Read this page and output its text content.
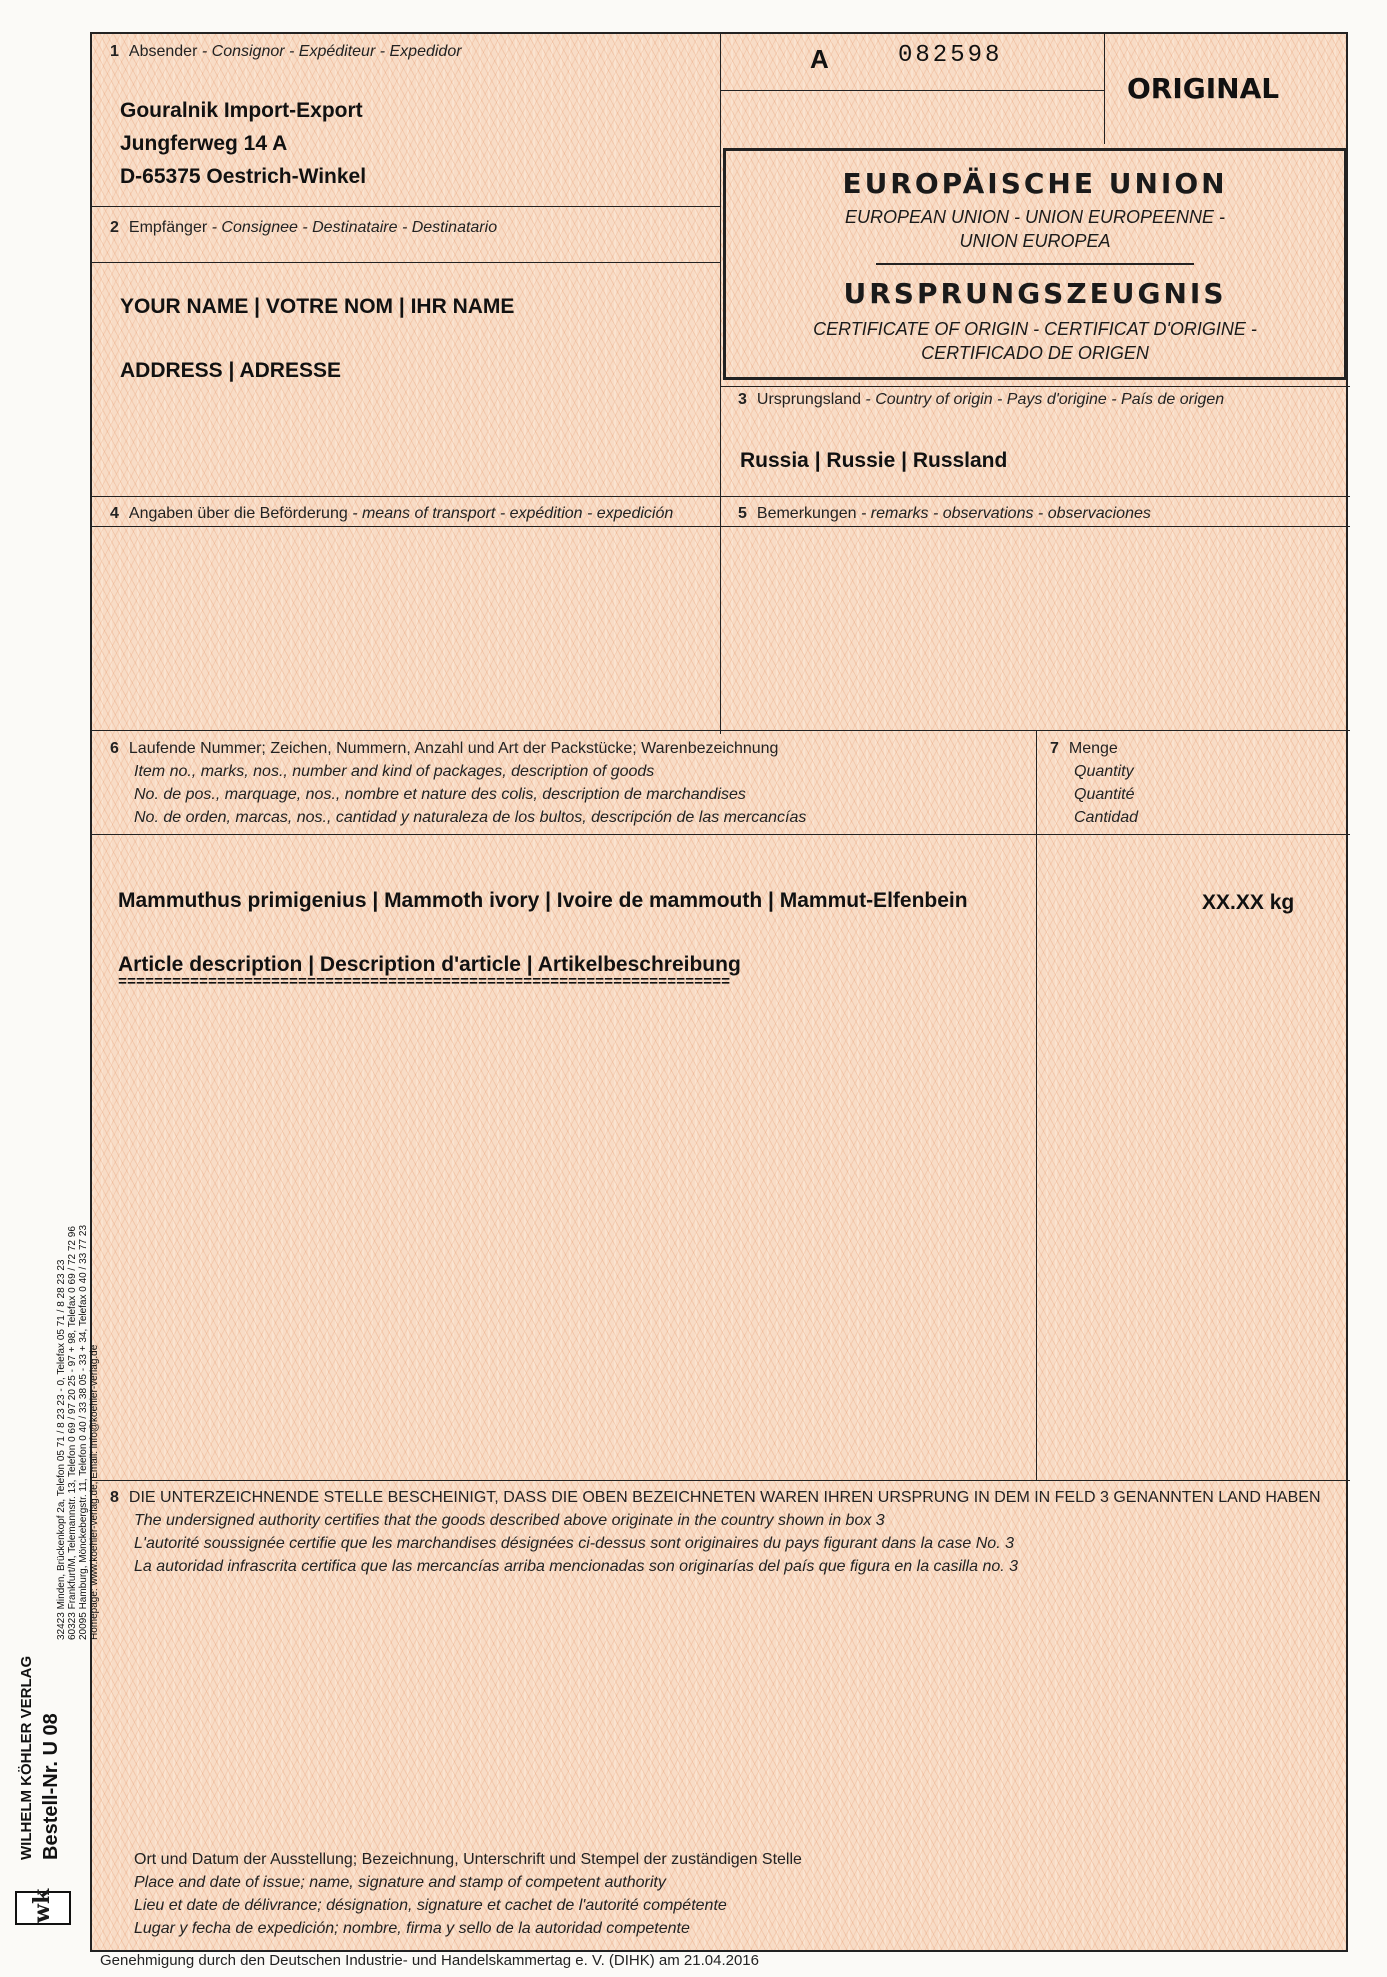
EUROPÄISCHE UNION
EUROPEAN UNION - UNION EUROPEENNE -
UNION EUROPEA
URSPRUNGSZEUGNIS
CERTIFICATE OF ORIGIN - CERTIFICAT D'ORIGINE -
CERTIFICADO DE ORIGEN
A	082598
ORIGINAL
1 Absender - Consignor - Expéditeur - Expedidor
Gouralnik Import-Export
Jungferweg 14 A
D-65375 Oestrich-Winkel
2 Empfänger - Consignee - Destinataire - Destinatario
YOUR NAME | VOTRE NOM | IHR NAME
ADDRESS | ADRESSE
3 Ursprungsland - Country of origin - Pays d'origine - País de origen
Russia | Russie | Russland
4 Angaben über die Beförderung - means of transport - expédition - expedición	5 Bemerkungen - remarks - observations - observaciones
6 Laufende Nummer; Zeichen, Nummern, Anzahl und Art der Packstücke; Warenbezeichnung
Item no., marks, nos., number and kind of packages, description of goods
No. de pos., marquage, nos., nombre et nature des colis, description de marchandises
No. de orden, marcas, nos., cantidad y naturaleza de los bultos, descripción de las mercancías
Mammuthus primigenius | Mammoth ivory | Ivoire de mammouth | Mammut-Elfenbein
Article description | Description d'article | Artikelbeschreibung
====================================================================
7 Menge
Quantity
Quantité
Cantidad
XX.XX kg
8 DIE UNTERZEICHNENDE STELLE BESCHEINIGT, DASS DIE OBEN BEZEICHNETEN WAREN IHREN URSPRUNG IN DEM IN FELD 3 GENANNTEN LAND HABEN
The undersigned authority certifies that the goods described above originate in the country shown in box 3
L'autorité soussignée certifie que les marchandises désignées ci-dessus sont originaires du pays figurant dans la case No. 3
La autoridad infrascrita certifica que las mercancías arriba mencionadas son originarías del país que figura en la casilla no. 3
Ort und Datum der Ausstellung; Bezeichnung, Unterschrift und Stempel der zuständigen Stelle
Place and date of issue; name, signature and stamp of competent authority
Lieu et date de délivrance; désignation, signature et cachet de l'autorité compétente
Lugar y fecha de expedición; nombre, firma y sello de la autoridad competente
wk
WILHELM KÖHLER VERLAG Bestell-Nr. U 08
32423 Minden, Brückenkopf 2a, Telefon 05 71 / 8 23 23 - 0, Telefax 05 71 / 8 28 23 23 60323 Frankfurt/M, Telemannstr. 13, Telefon 0 69 / 97 20 25 - 97 + 98, Telefax 0 69 / 72 72 96 20095 Hamburg, Mönckebergstr. 11, Telefon 0 40 / 33 38 05 - 33 + 34, Telefax 0 40 / 33 77 23 Homepage: www.koehler-verlag.de, Email: info@koehler-verlag.de
Genehmigung durch den Deutschen Industrie- und Handelskammertag e. V. (DIHK) am 21.04.2016
